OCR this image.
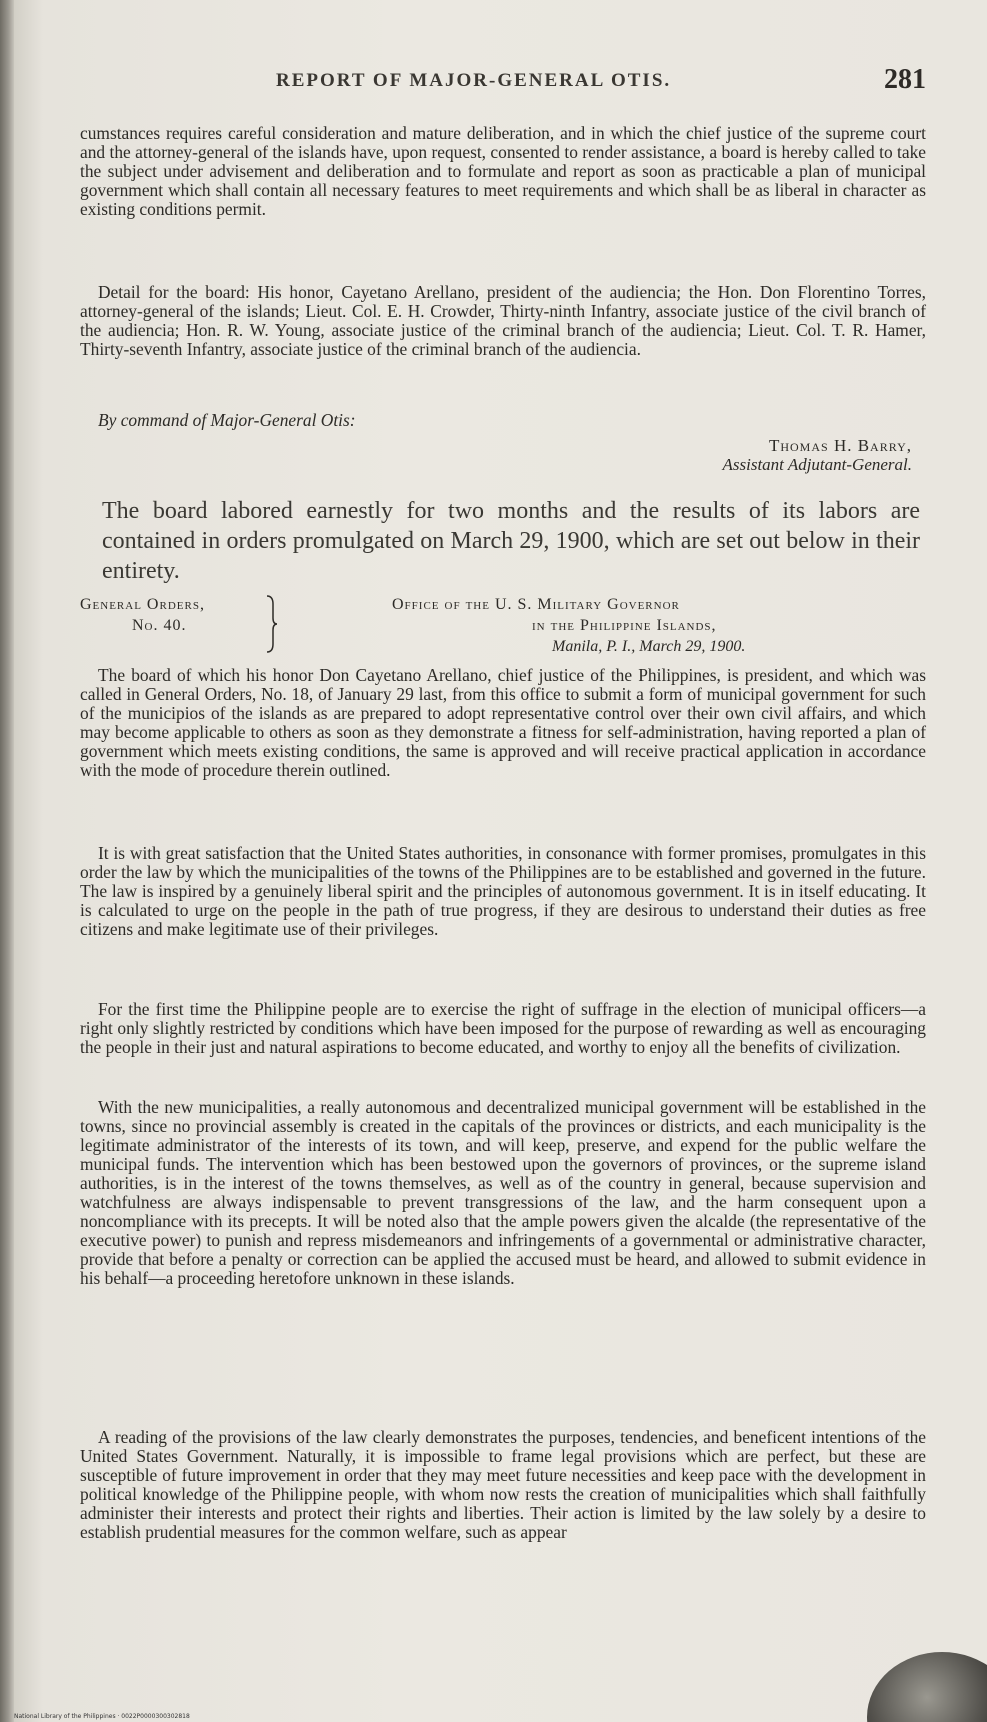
REPORT OF MAJOR-GENERAL OTIS.	281

cumstances requires careful consideration and mature deliberation, and in which the chief justice of the supreme court and the attorney-general of the islands have, upon request, consented to render assistance, a board is hereby called to take the subject under advisement and deliberation and to formulate and report as soon as practicable a plan of municipal government which shall contain all necessary features to meet requirements and which shall be as liberal in character as existing conditions permit.

Detail for the board: His honor, Cayetano Arellano, president of the audiencia; the Hon. Don Florentino Torres, attorney-general of the islands; Lieut. Col. E. H. Crowder, Thirty-ninth Infantry, associate justice of the civil branch of the audiencia; Hon. R. W. Young, associate justice of the criminal branch of the audiencia; Lieut. Col. T. R. Hamer, Thirty-seventh Infantry, associate justice of the criminal branch of the audiencia.

By command of Major-General Otis:

Thomas H. Barry,
Assistant Adjutant-General.

The board labored earnestly for two months and the results of its labors are contained in orders promulgated on March 29, 1900, which are set out below in their entirety.

General Orders,
No. 40.
Office of the U. S. Military Governor
in the Philippine Islands,
Manila, P. I., March 29, 1900.

The board of which his honor Don Cayetano Arellano, chief justice of the Philippines, is president, and which was called in General Orders, No. 18, of January 29 last, from this office to submit a form of municipal government for such of the municipios of the islands as are prepared to adopt representative control over their own civil affairs, and which may become applicable to others as soon as they demonstrate a fitness for self-administration, having reported a plan of government which meets existing conditions, the same is approved and will receive practical application in accordance with the mode of procedure therein outlined.

It is with great satisfaction that the United States authorities, in consonance with former promises, promulgates in this order the law by which the municipalities of the towns of the Philippines are to be established and governed in the future. The law is inspired by a genuinely liberal spirit and the principles of autonomous government. It is in itself educating. It is calculated to urge on the people in the path of true progress, if they are desirous to understand their duties as free citizens and make legitimate use of their privileges.

For the first time the Philippine people are to exercise the right of suffrage in the election of municipal officers—a right only slightly restricted by conditions which have been imposed for the purpose of rewarding as well as encouraging the people in their just and natural aspirations to become educated, and worthy to enjoy all the benefits of civilization.

With the new municipalities, a really autonomous and decentralized municipal government will be established in the towns, since no provincial assembly is created in the capitals of the provinces or districts, and each municipality is the legitimate administrator of the interests of its town, and will keep, preserve, and expend for the public welfare the municipal funds. The intervention which has been bestowed upon the governors of provinces, or the supreme island authorities, is in the interest of the towns themselves, as well as of the country in general, because supervision and watchfulness are always indispensable to prevent transgressions of the law, and the harm consequent upon a noncompliance with its precepts. It will be noted also that the ample powers given the alcalde (the representative of the executive power) to punish and repress misdemeanors and infringements of a governmental or administrative character, provide that before a penalty or correction can be applied the accused must be heard, and allowed to submit evidence in his behalf—a proceeding heretofore unknown in these islands.

A reading of the provisions of the law clearly demonstrates the purposes, tendencies, and beneficent intentions of the United States Government. Naturally, it is impossible to frame legal provisions which are perfect, but these are susceptible of future improvement in order that they may meet future necessities and keep pace with the development in political knowledge of the Philippine people, with whom now rests the creation of municipalities which shall faithfully administer their interests and protect their rights and liberties. Their action is limited by the law solely by a desire to establish prudential measures for the common welfare, such as appear

National Library of the Philippines · 0022P0000300302818
